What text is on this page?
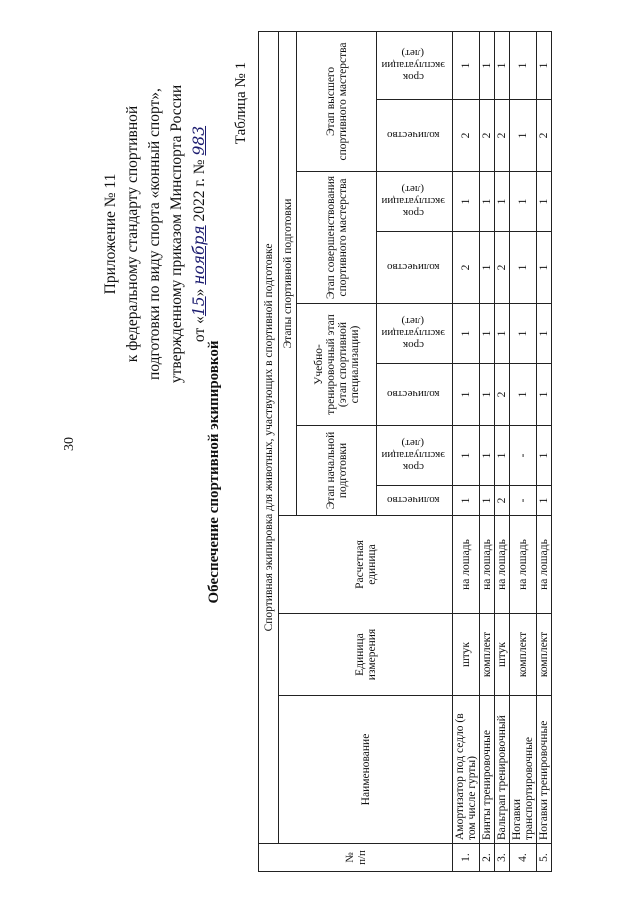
30
Приложение № 11 к федеральному стандарту спортивной подготовки по виду спорта «конный спорт», утвержденному приказом Минспорта России от «15» ноября 2022 г. № 983
Обеспечение спортивной экипировкой
Таблица № 1
№ п/п	Спортивная экипировка для животных, участвующих в спортивной подготовке										
	Наименование	Единица измерения	Расчетная единица	Этапы спортивной подготовки							
				Этап начальной подготовки		Учебно-тренировочный этап (этап спортивной специализации)		Этап совершенствования спортивного мастерства		Этап высшего спортивного мастерства	
				количество	срок эксплуатации (лет)	количество	срок эксплуатации (лет)	количество	срок эксплуатации (лет)	количество	срок эксплуатации (лет)
1.	Амортизатор под седло (в том числе гурты)	штук	на лошадь	1	1	1	1	2	1	2	1
2.	Бинты тренировочные	комплект	на лошадь	1	1	1	1	1	1	2	1
3.	Вальтрап тренировочный	штук	на лошадь	2	1	2	1	2	1	2	1
4.	Ногавки транспортировочные	комплект	на лошадь	-	-	1	1	1	1	1	1
5.	Ногавки тренировочные	комплект	на лошадь	1	1	1	1	1	1	2	1
